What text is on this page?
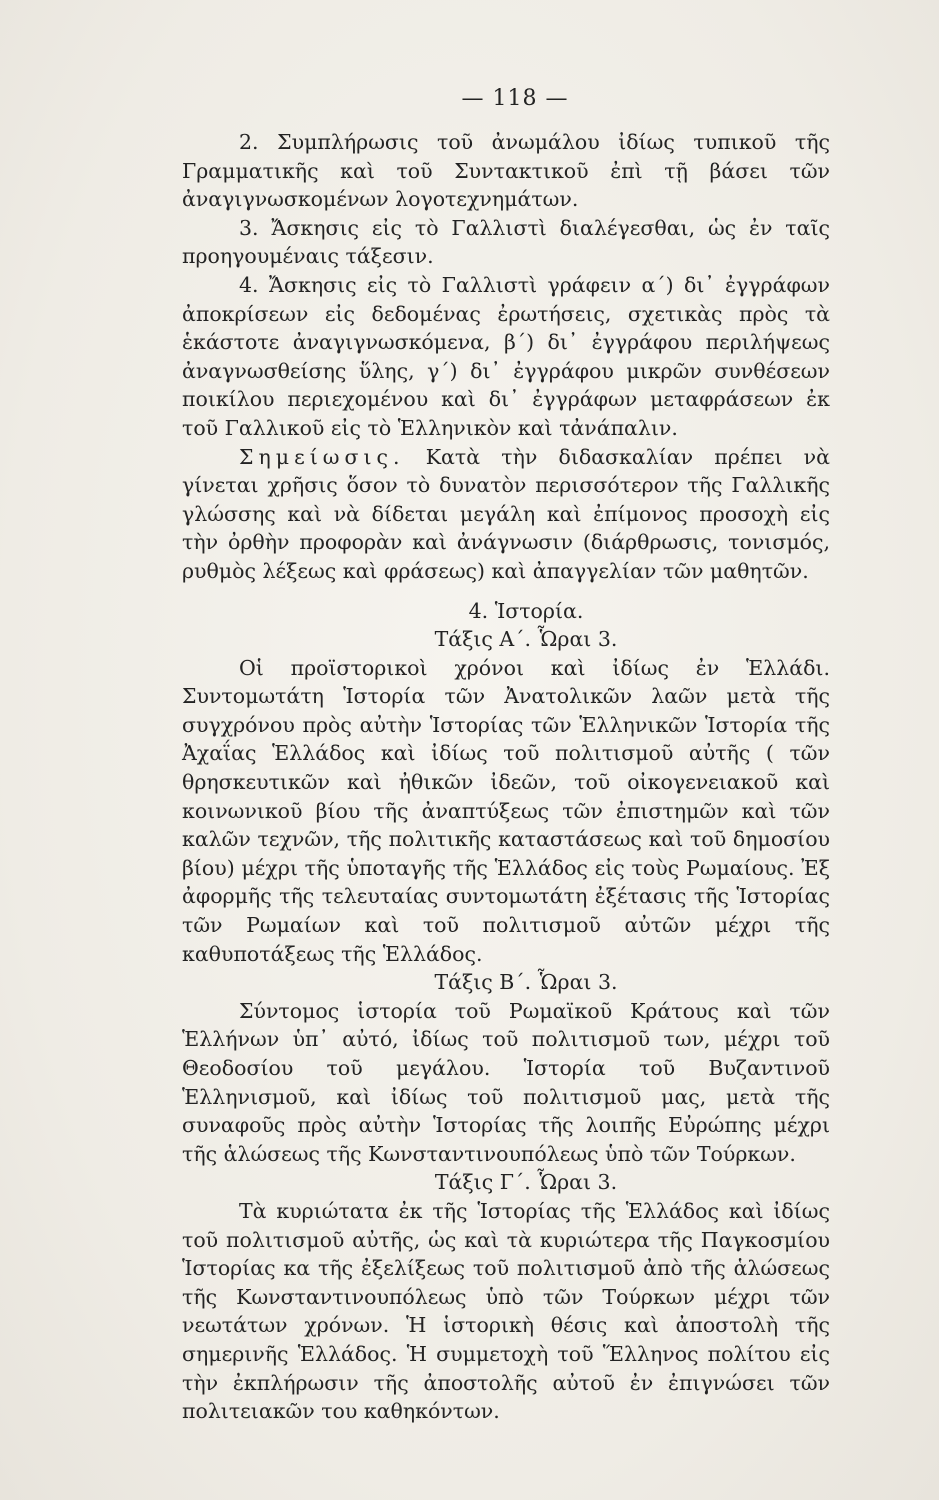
— 118 —

2. Συμπλήρωσις τοῦ ἀνωμάλου ἰδίως τυπικοῦ τῆς Γραμματικῆς καὶ τοῦ Συντακτικοῦ ἐπὶ τῇ βάσει τῶν ἀναγιγνωσκομένων λογοτεχνημάτων.

3. Ἄσκησις εἰς τὸ Γαλλιστὶ διαλέγεσθαι, ὡς ἐν ταῖς προηγουμέναις τάξεσιν.

4. Ἄσκησις εἰς τὸ Γαλλιστὶ γράφειν α΄) δι᾽ ἐγγράφων ἀποκρίσεων εἰς δεδομένας ἐρωτήσεις, σχετικὰς πρὸς τὰ ἑκάστοτε ἀναγιγνωσκόμενα, β΄) δι᾽ ἐγγράφου περιλήψεως ἀναγνωσθείσης ὕλης, γ΄) δι᾽ ἐγγράφου μικρῶν συνθέσεων ποικίλου περιεχομένου καὶ δι᾽ ἐγγράφων μεταφράσεων ἐκ τοῦ Γαλλικοῦ εἰς τὸ Ἑλληνικὸν καὶ τἀνάπαλιν.

Σημείωσις. Κατὰ τὴν διδασκαλίαν πρέπει νὰ γίνεται χρῆσις ὅσον τὸ δυνατὸν περισσότερον τῆς Γαλλικῆς γλώσσης καὶ νὰ δίδεται μεγάλη καὶ ἐπίμονος προσοχὴ εἰς τὴν ὀρθὴν προφορὰν καὶ ἀνάγνωσιν (διάρθρωσις, τονισμός, ρυθμὸς λέξεως καὶ φράσεως) καὶ ἀπαγγελίαν τῶν μαθητῶν.

4. Ἱστορία.

Τάξις Α΄. Ὧραι 3.

Οἱ προϊστορικοὶ χρόνοι καὶ ἰδίως ἐν Ἑλλάδι. Συντομωτάτη Ἱστορία τῶν Ἀνατολικῶν λαῶν μετὰ τῆς συγχρόνου πρὸς αὐτὴν Ἱστορίας τῶν Ἑλληνικῶν Ἱστορία τῆς Ἀχαΐας Ἑλλάδος καὶ ἰδίως τοῦ πολιτισμοῦ αὐτῆς ( τῶν θρησκευτικῶν καὶ ἠθικῶν ἰδεῶν, τοῦ οἰκογενειακοῦ καὶ κοινωνικοῦ βίου τῆς ἀναπτύξεως τῶν ἐπιστημῶν καὶ τῶν καλῶν τεχνῶν, τῆς πολιτικῆς καταστάσεως καὶ τοῦ δημοσίου βίου) μέχρι τῆς ὑποταγῆς τῆς Ἑλλάδος εἰς τοὺς Ρωμαίους. Ἐξ ἀφορμῆς τῆς τελευταίας συντομωτάτη ἐξέτασις τῆς Ἱστορίας τῶν Ρωμαίων καὶ τοῦ πολιτισμοῦ αὐτῶν μέχρι τῆς καθυποτάξεως τῆς Ἑλλάδος.

Τάξις Β΄. Ὧραι 3.

Σύντομος ἱστορία τοῦ Ρωμαϊκοῦ Κράτους καὶ τῶν Ἑλλήνων ὑπ᾽ αὐτό, ἰδίως τοῦ πολιτισμοῦ των, μέχρι τοῦ Θεοδοσίου τοῦ μεγάλου. Ἱστορία τοῦ Βυζαντινοῦ Ἑλληνισμοῦ, καὶ ἰδίως τοῦ πολιτισμοῦ μας, μετὰ τῆς συναφοῦς πρὸς αὐτὴν Ἱστορίας τῆς λοιπῆς Εὐρώπης μέχρι τῆς ἁλώσεως τῆς Κωνσταντινουπόλεως ὑπὸ τῶν Τούρκων.

Τάξις Γ΄. Ὧραι 3.

Τὰ κυριώτατα ἐκ τῆς Ἱστορίας τῆς Ἑλλάδος καὶ ἰδίως τοῦ πολιτισμοῦ αὐτῆς, ὡς καὶ τὰ κυριώτερα τῆς Παγκοσμίου Ἱστορίας κα τῆς ἐξελίξεως τοῦ πολιτισμοῦ ἀπὸ τῆς ἁλώσεως τῆς Κωνσταντινουπόλεως ὑπὸ τῶν Τούρκων μέχρι τῶν νεωτάτων χρόνων. Ἡ ἱστορικὴ θέσις καὶ ἀποστολὴ τῆς σημερινῆς Ἑλλάδος. Ἡ συμμετοχὴ τοῦ Ἕλληνος πολίτου εἰς τὴν ἐκπλήρωσιν τῆς ἀποστολῆς αὐτοῦ ἐν ἐπιγνώσει τῶν πολιτειακῶν του καθηκόντων.
